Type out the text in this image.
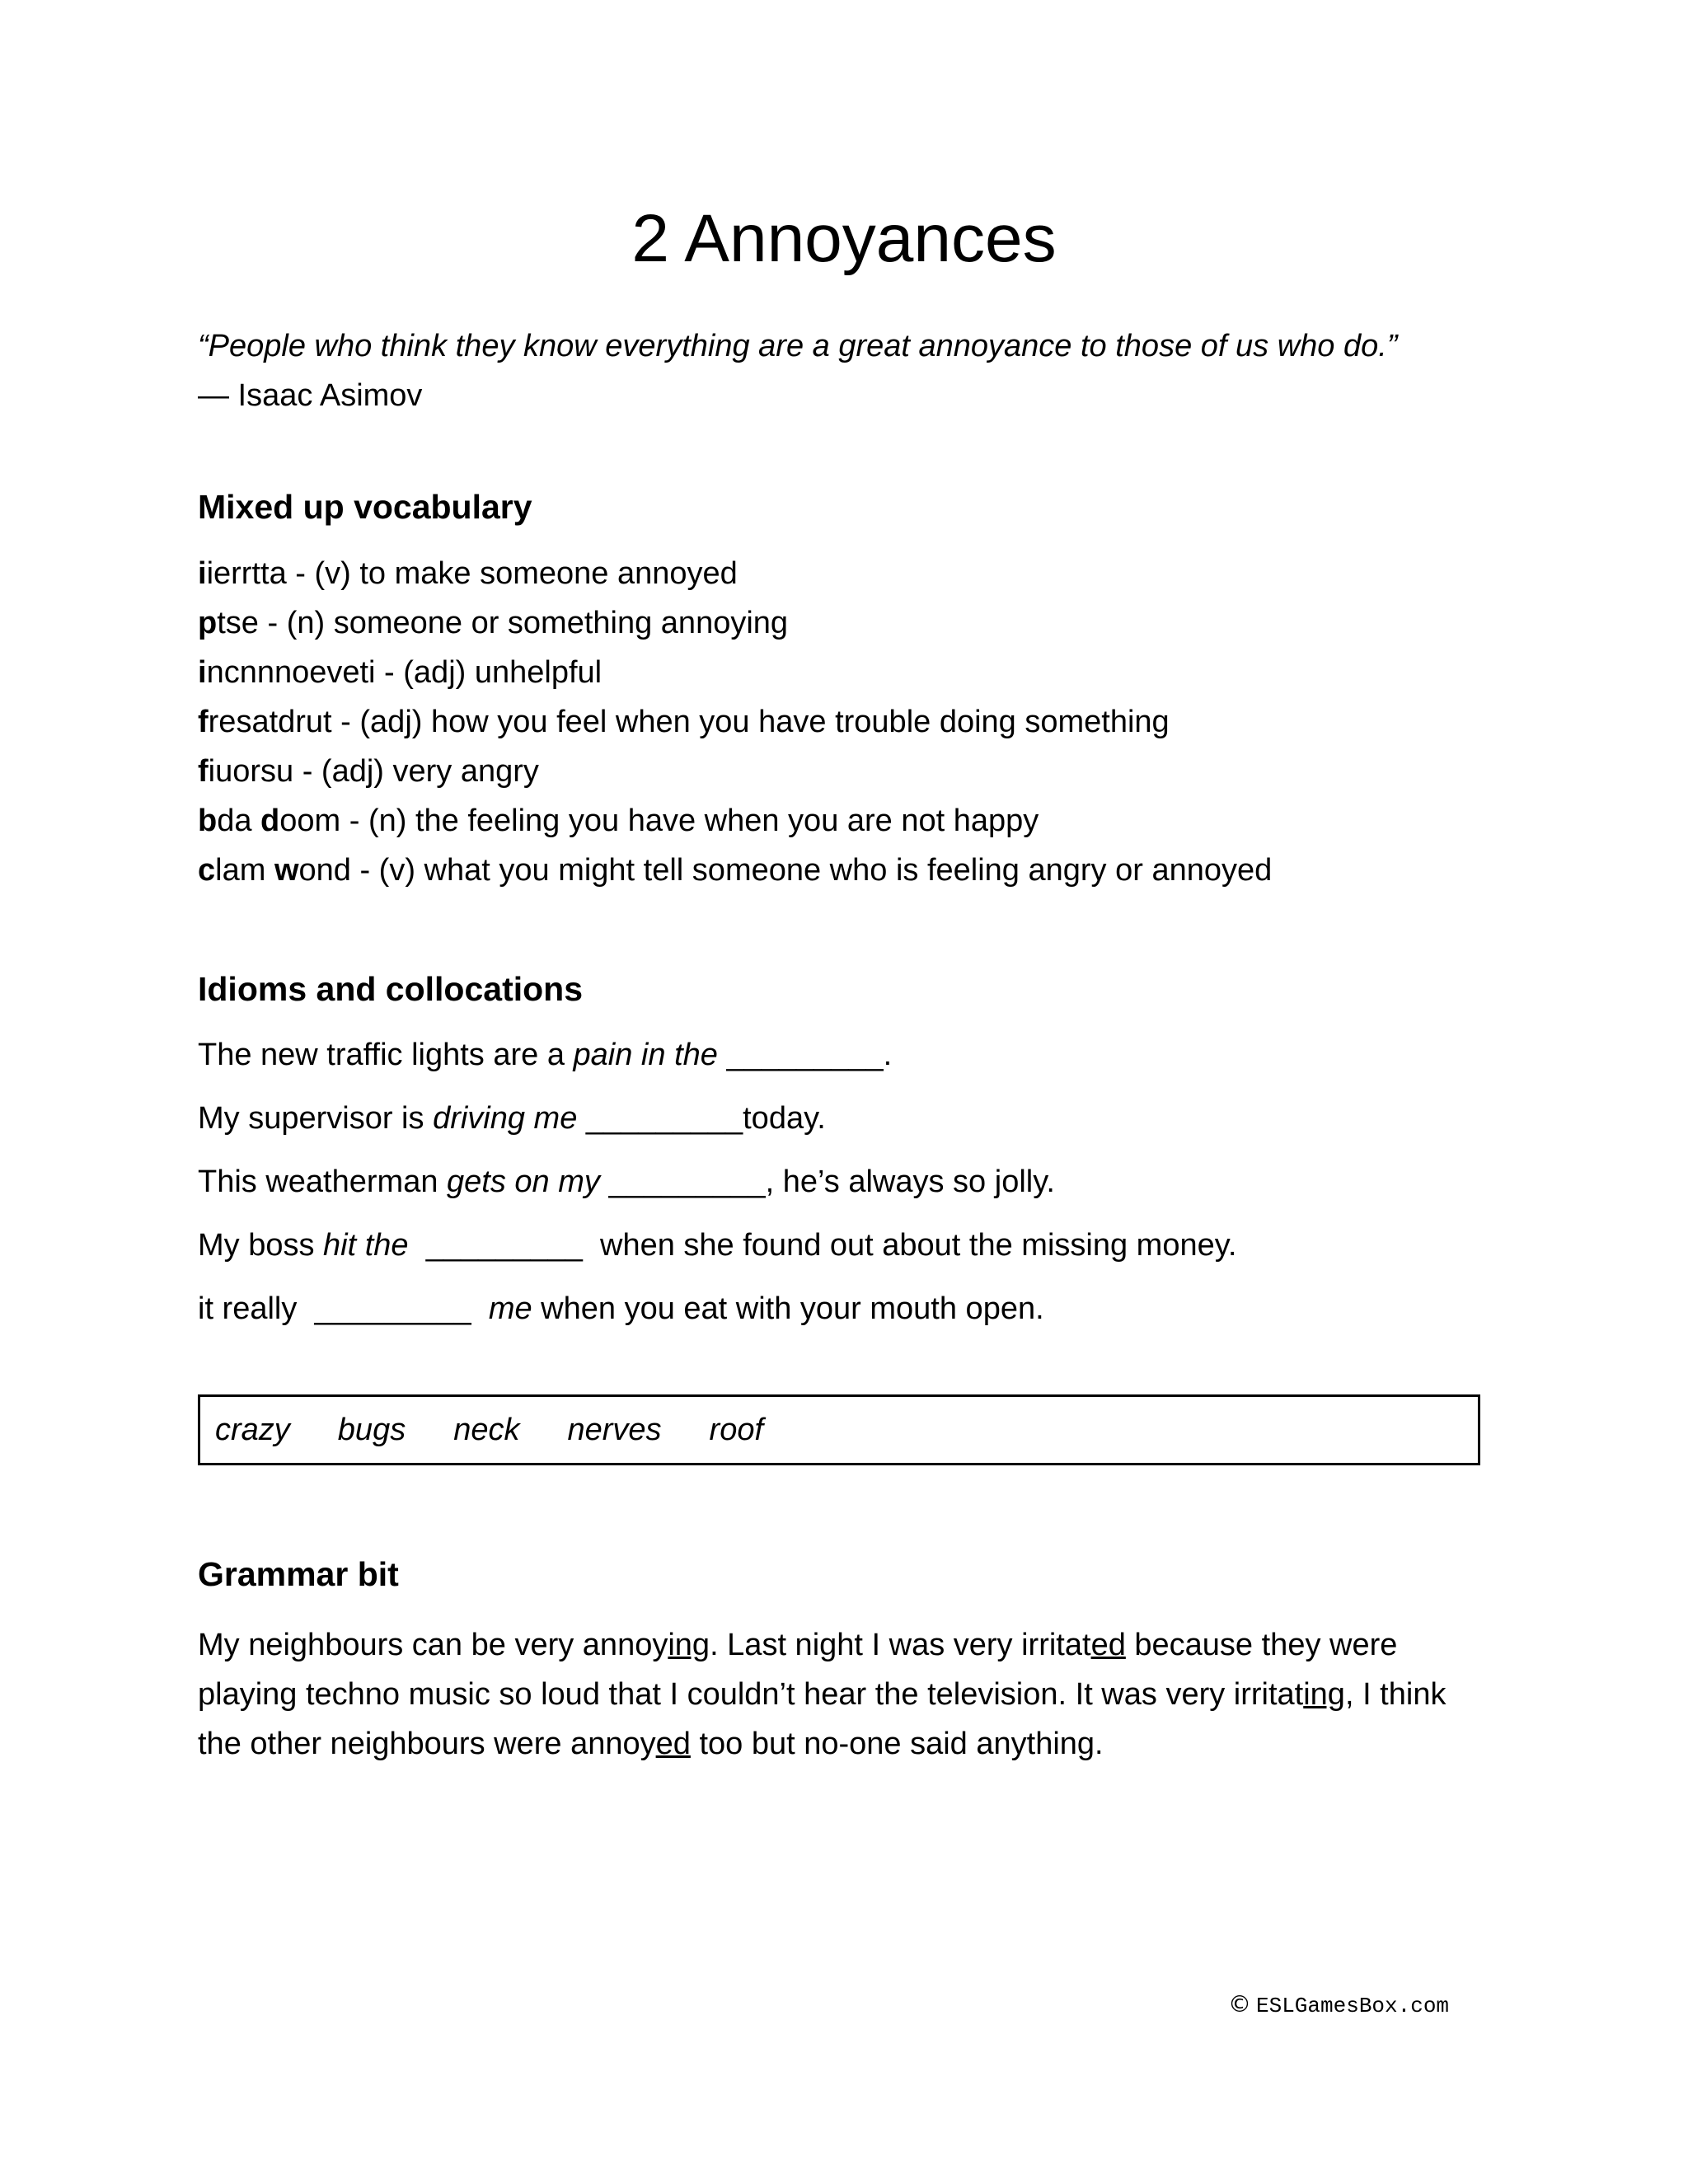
2 Annoyances
“People who think they know everything are a great annoyance to those of us who do.”
— Isaac Asimov
Mixed up vocabulary
iierrtta - (v) to make someone annoyed
ptse - (n) someone or something annoying
incnnnoeveti - (adj) unhelpful
fresatdrut - (adj) how you feel when you have trouble doing something
fiuorsu - (adj) very angry
bda doom - (n) the feeling you have when you are not happy
clam wond - (v) what you might tell someone who is feeling angry or annoyed
Idioms and collocations
The new traffic lights are a pain in the _________.
My supervisor is driving me _________today.
This weatherman gets on my _________, he’s always so jolly.
My boss hit the  _________  when she found out about the missing money.
it really  _________  me when you eat with your mouth open.
crazy bugs neck nerves roof
Grammar bit

My neighbours can be very annoying. Last night I was very irritated because they were playing techno music so loud that I couldn’t hear the television. It was very irritating, I think the other neighbours were annoyed too but no-one said anything.

© ESLGamesBox.com
